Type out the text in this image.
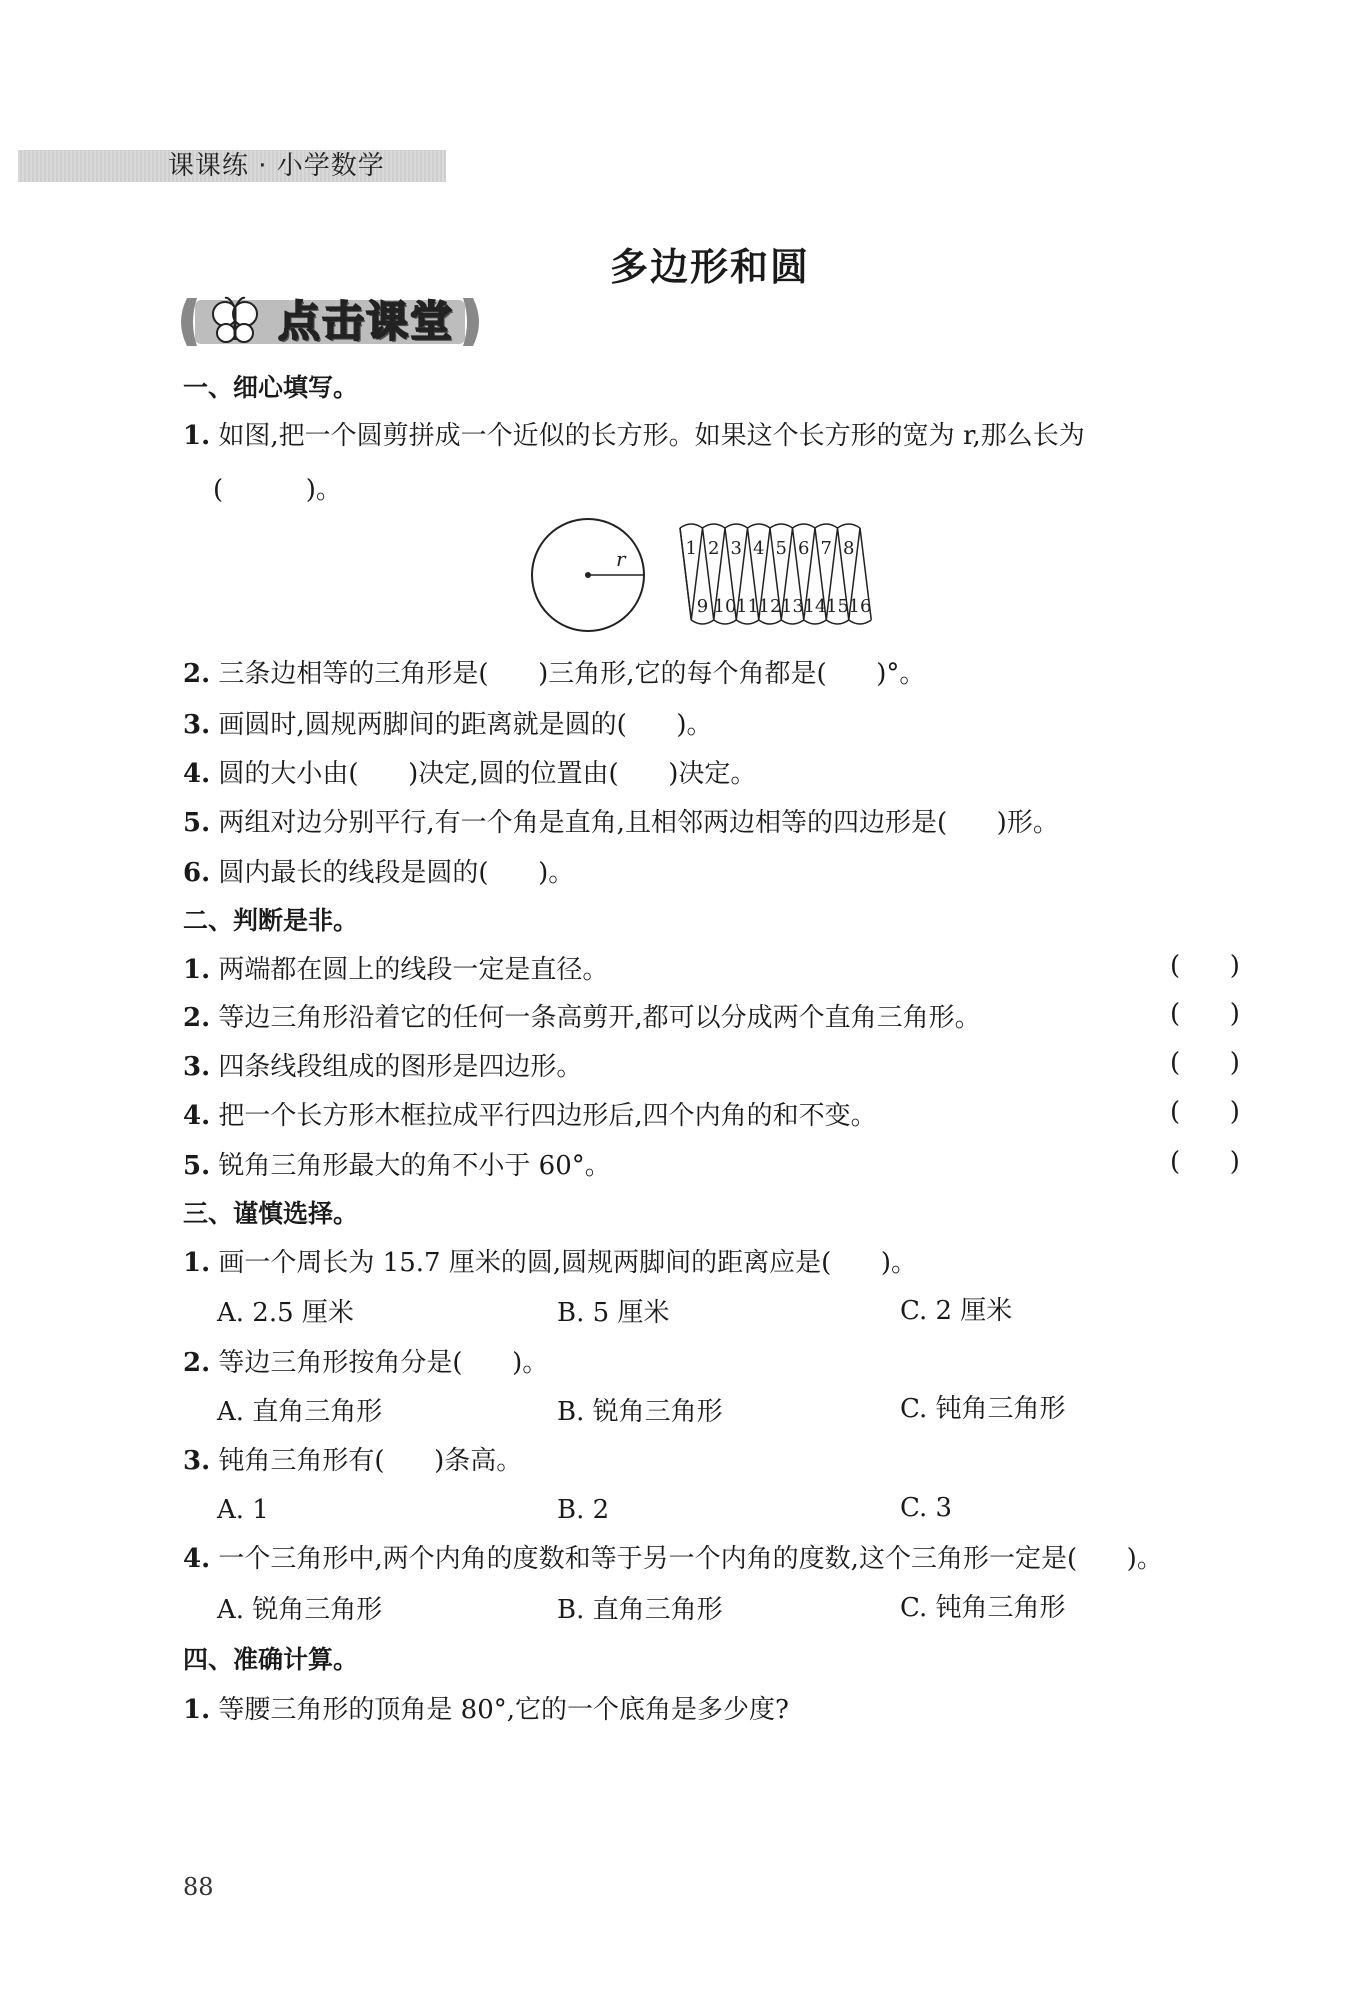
课课练 · 小学数学
多边形和圆
点击课堂
一、细心填写。
1. 如图,把一个圆剪拼成一个近似的长方形。如果这个长方形的宽为 r,那么长为
(          )。
r	1 2 3 4 5 6 7 8
9 10 11 12 13 14 15 16
2. 三条边相等的三角形是(      )三角形,它的每个角都是(      )°。
3. 画圆时,圆规两脚间的距离就是圆的(      )。
4. 圆的大小由(      )决定,圆的位置由(      )决定。
5. 两组对边分别平行,有一个角是直角,且相邻两边相等的四边形是(      )形。
6. 圆内最长的线段是圆的(      )。
二、判断是非。
1. 两端都在圆上的线段一定是直径。	(      )
2. 等边三角形沿着它的任何一条高剪开,都可以分成两个直角三角形。	(      )
3. 四条线段组成的图形是四边形。	(      )
4. 把一个长方形木框拉成平行四边形后,四个内角的和不变。	(      )
5. 锐角三角形最大的角不小于 60°。	(      )
三、谨慎选择。
1. 画一个周长为 15.7 厘米的圆,圆规两脚间的距离应是(      )。
A. 2.5 厘米	B. 5 厘米	C. 2 厘米
2. 等边三角形按角分是(      )。
A. 直角三角形	B. 锐角三角形	C. 钝角三角形
3. 钝角三角形有(      )条高。
A. 1	B. 2	C. 3
4. 一个三角形中,两个内角的度数和等于另一个内角的度数,这个三角形一定是(      )。
A. 锐角三角形	B. 直角三角形	C. 钝角三角形
四、准确计算。
1. 等腰三角形的顶角是 80°,它的一个底角是多少度?
88
